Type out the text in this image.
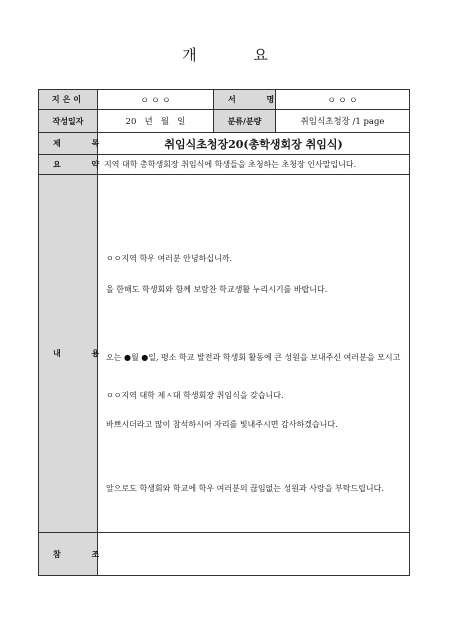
개 요
지은이	ㅇ ㅇ ㅇ	서 명	ㅇ ㅇ ㅇ
작성일자	20   년   월   일	분류/분량	취임식초청장 /1 page
제 목	취임식초청장20(총학생회장 취임식)		
요 약	지역 대학 총학생회장 취임식에 학생들을 초청하는 초청장 인사말입니다.		
내 용	ㅇㅇ지역 학우 여러분 안녕하십니까.

올 한해도 학생회와 함께 보람찬 학교생활 누리시기를 바랍니다.

오는 ●월 ●일, 평소 학교 발전과 학생회 활동에 큰 성원을 보내주신 여러분을 모시고 ㅇㅇ지역 대학 제ㅅ대 학생회장 취임식을 갖습니다.

바쁘시더라고 많이 참석하시어 자리를 빛내주시면 감사하겠습니다.

앞으로도 학생회와 학교에 학우 여러분의 끊임없는 성원과 사랑을 부탁드립니다.		

참 조			
